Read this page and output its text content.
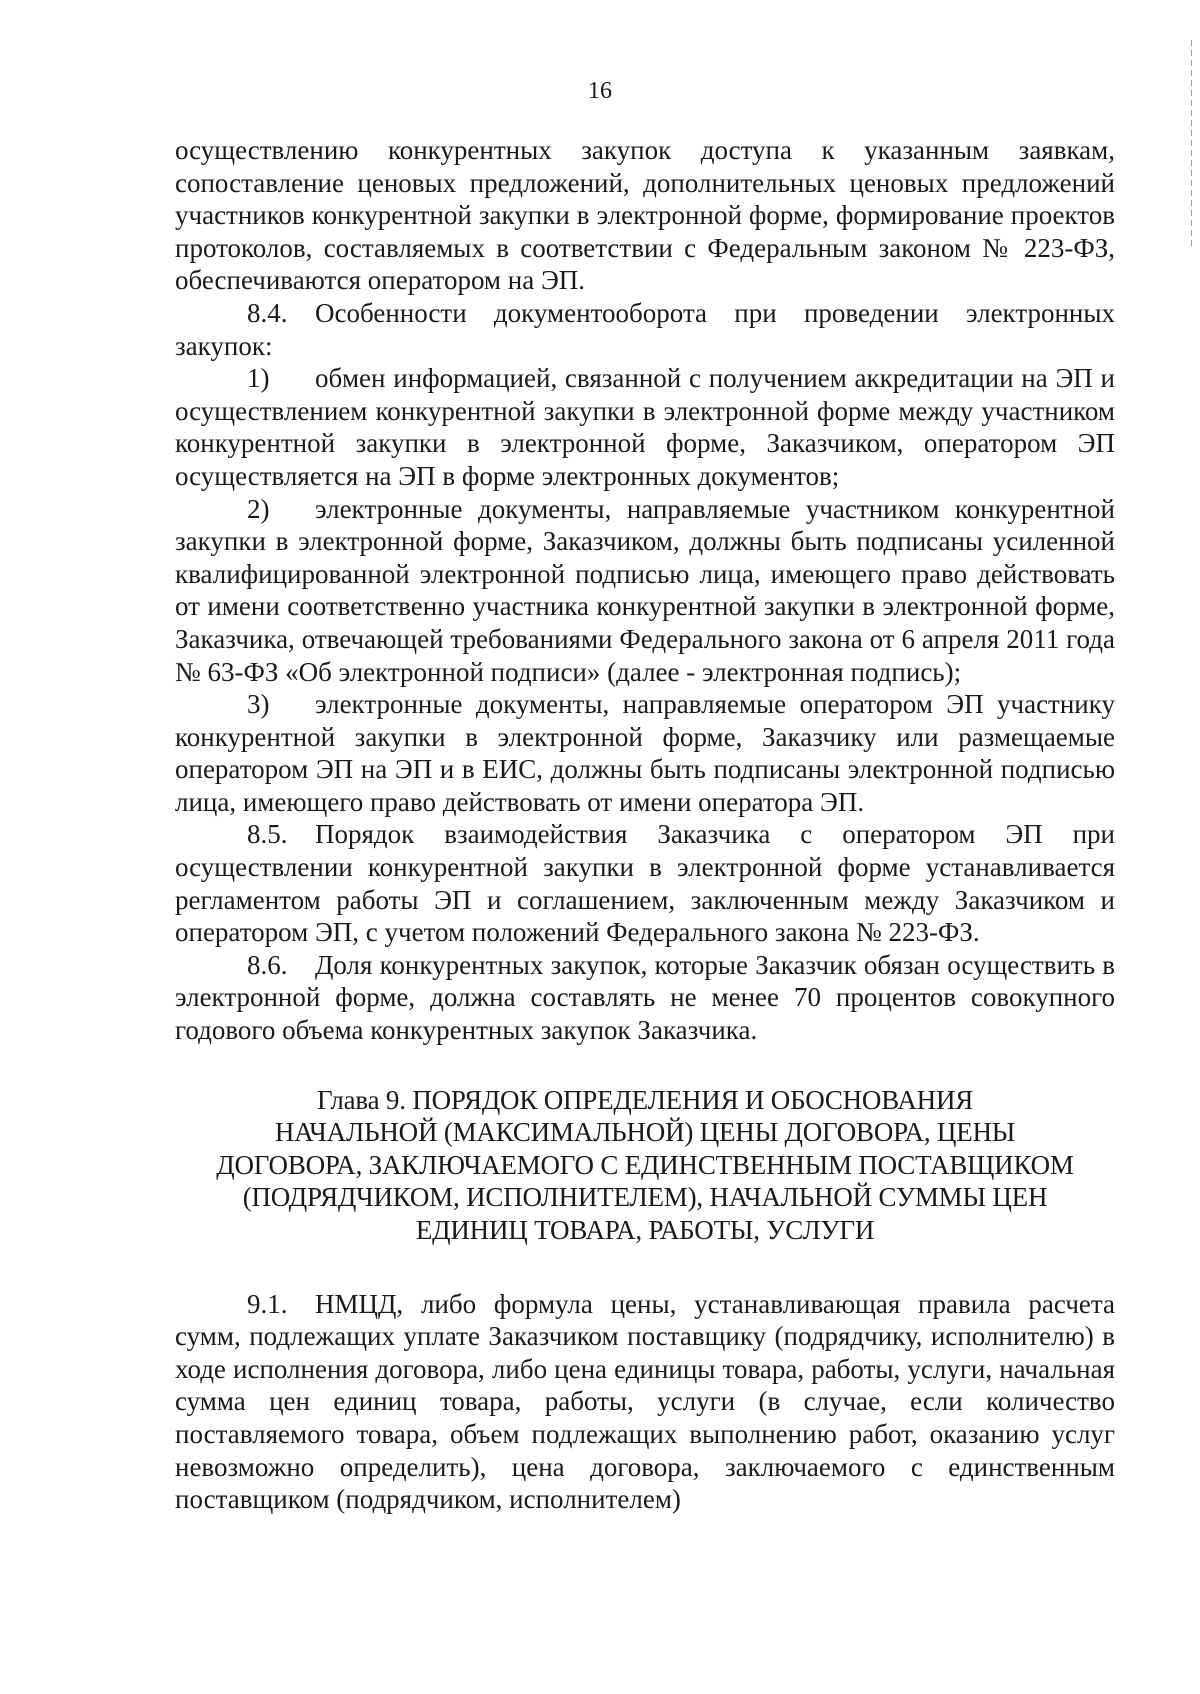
16

осуществлению конкурентных закупок доступа к указанным заявкам, сопоставление ценовых предложений, дополнительных ценовых предложений участников конкурентной закупки в электронной форме, формирование проектов протоколов, составляемых в соответствии с Федеральным законом № 223-ФЗ, обеспечиваются оператором на ЭП.

8.4. Особенности документооборота при проведении электронных закупок:

1) обмен информацией, связанной с получением аккредитации на ЭП и осуществлением конкурентной закупки в электронной форме между участником конкурентной закупки в электронной форме, Заказчиком, оператором ЭП осуществляется на ЭП в форме электронных документов;

2) электронные документы, направляемые участником конкурентной закупки в электронной форме, Заказчиком, должны быть подписаны усиленной квалифицированной электронной подписью лица, имеющего право действовать от имени соответственно участника конкурентной закупки в электронной форме, Заказчика, отвечающей требованиями Федерального закона от 6 апреля 2011 года № 63-ФЗ «Об электронной подписи» (далее - электронная подпись);

3) электронные документы, направляемые оператором ЭП участнику конкурентной закупки в электронной форме, Заказчику или размещаемые оператором ЭП на ЭП и в ЕИС, должны быть подписаны электронной подписью лица, имеющего право действовать от имени оператора ЭП.

8.5. Порядок взаимодействия Заказчика с оператором ЭП при осуществлении конкурентной закупки в электронной форме устанавливается регламентом работы ЭП и соглашением, заключенным между Заказчиком и оператором ЭП, с учетом положений Федерального закона № 223-ФЗ.

8.6. Доля конкурентных закупок, которые Заказчик обязан осуществить в электронной форме, должна составлять не менее 70 процентов совокупного годового объема конкурентных закупок Заказчика.

Глава 9. ПОРЯДОК ОПРЕДЕЛЕНИЯ И ОБОСНОВАНИЯ
НАЧАЛЬНОЙ (МАКСИМАЛЬНОЙ) ЦЕНЫ ДОГОВОРА, ЦЕНЫ
ДОГОВОРА, ЗАКЛЮЧАЕМОГО С ЕДИНСТВЕННЫМ ПОСТАВЩИКОМ
(ПОДРЯДЧИКОМ, ИСПОЛНИТЕЛЕМ), НАЧАЛЬНОЙ СУММЫ ЦЕН
ЕДИНИЦ ТОВАРА, РАБОТЫ, УСЛУГИ

9.1. НМЦД, либо формула цены, устанавливающая правила расчета сумм, подлежащих уплате Заказчиком поставщику (подрядчику, исполнителю) в ходе исполнения договора, либо цена единицы товара, работы, услуги, начальная сумма цен единиц товара, работы, услуги (в случае, если количество поставляемого товара, объем подлежащих выполнению работ, оказанию услуг невозможно определить), цена договора, заключаемого с единственным поставщиком (подрядчиком, исполнителем)
